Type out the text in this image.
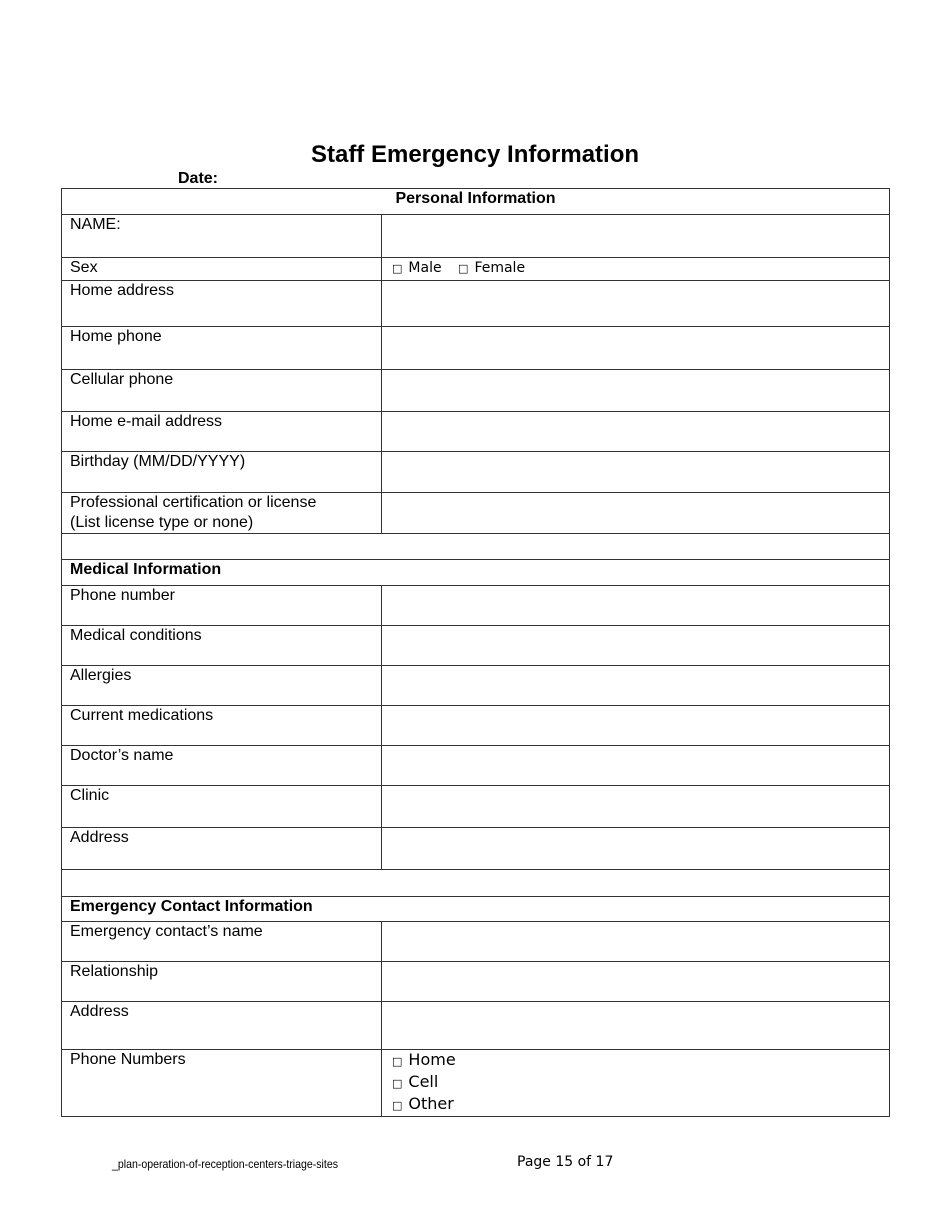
Staff Emergency Information
Date:
Personal Information	
NAME:	
Sex	□ Male □ Female
Home address	
Home phone	
Cellular phone	
Home e-mail address	
Birthday (MM/DD/YYYY)	

Professional certification or license
(List license type or none)	

Medical Information	
Phone number	
Medical conditions	
Allergies	
Current medications	
Doctor’s name	
Clinic	
Address	

Emergency Contact Information	
Emergency contact’s name	
Relationship	
Address	
Phone Numbers	□ Home
□ Cell
□ Other
_plan-operation-of-reception-centers-triage-sites	Page 15 of 17
